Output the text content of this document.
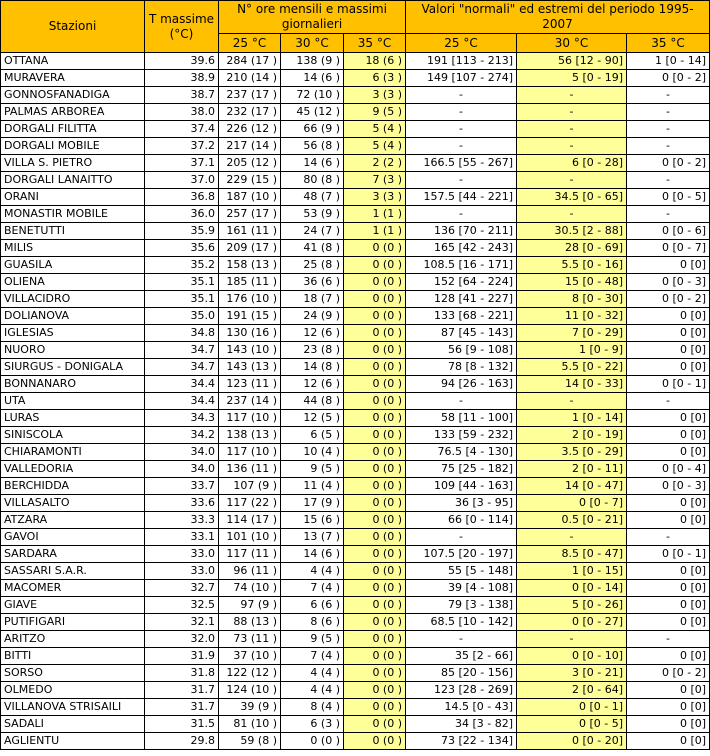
Stazioni	T massime (°C)	N° ore mensili e massimi giornalieri			Valori "normali" ed estremi del periodo 1995-2007		
		25 °C	30 °C	35 °C	25 °C	30 °C	35 °C
OTTANA	39.6	284 (17 )	138 (9 )	18 (6 )	191 [113 - 213]	56 [12 - 90]	1 [0 - 14]
MURAVERA	38.9	210 (14 )	14 (6 )	6 (3 )	149 [107 - 274]	5 [0 - 19]	0 [0 - 2]
GONNOSFANADIGA	38.7	237 (17 )	72 (10 )	3 (3 )	-	-	-
PALMAS ARBOREA	38.0	232 (17 )	45 (12 )	9 (5 )	-	-	-
DORGALI FILITTA	37.4	226 (12 )	66 (9 )	5 (4 )	-	-	-
DORGALI MOBILE	37.2	217 (14 )	56 (8 )	5 (4 )	-	-	-
VILLA S. PIETRO	37.1	205 (12 )	14 (6 )	2 (2 )	166.5 [55 - 267]	6 [0 - 28]	0 [0 - 2]
DORGALI LANAITTO	37.0	229 (15 )	80 (8 )	7 (3 )	-	-	-
ORANI	36.8	187 (10 )	48 (7 )	3 (3 )	157.5 [44 - 221]	34.5 [0 - 65]	0 [0 - 5]
MONASTIR MOBILE	36.0	257 (17 )	53 (9 )	1 (1 )	-	-	-
BENETUTTI	35.9	161 (11 )	24 (7 )	1 (1 )	136 [70 - 211]	30.5 [2 - 88]	0 [0 - 6]
MILIS	35.6	209 (17 )	41 (8 )	0 (0 )	165 [42 - 243]	28 [0 - 69]	0 [0 - 7]
GUASILA	35.2	158 (13 )	25 (8 )	0 (0 )	108.5 [16 - 171]	5.5 [0 - 16]	0 [0]
OLIENA	35.1	185 (11 )	36 (6 )	0 (0 )	152 [64 - 224]	15 [0 - 48]	0 [0 - 3]
VILLACIDRO	35.1	176 (10 )	18 (7 )	0 (0 )	128 [41 - 227]	8 [0 - 30]	0 [0 - 2]
DOLIANOVA	35.0	191 (15 )	24 (9 )	0 (0 )	133 [68 - 221]	11 [0 - 32]	0 [0]
IGLESIAS	34.8	130 (16 )	12 (6 )	0 (0 )	87 [45 - 143]	7 [0 - 29]	0 [0]
NUORO	34.7	143 (10 )	23 (8 )	0 (0 )	56 [9 - 108]	1 [0 - 9]	0 [0]
SIURGUS - DONIGALA	34.7	143 (13 )	14 (8 )	0 (0 )	78 [8 - 132]	5.5 [0 - 22]	0 [0]
BONNANARO	34.4	123 (11 )	12 (6 )	0 (0 )	94 [26 - 163]	14 [0 - 33]	0 [0 - 1]
UTA	34.4	237 (14 )	44 (8 )	0 (0 )	-	-	-
LURAS	34.3	117 (10 )	12 (5 )	0 (0 )	58 [11 - 100]	1 [0 - 14]	0 [0]
SINISCOLA	34.2	138 (13 )	6 (5 )	0 (0 )	133 [59 - 232]	2 [0 - 19]	0 [0]
CHIARAMONTI	34.0	117 (10 )	10 (4 )	0 (0 )	76.5 [4 - 130]	3.5 [0 - 29]	0 [0]
VALLEDORIA	34.0	136 (11 )	9 (5 )	0 (0 )	75 [25 - 182]	2 [0 - 11]	0 [0 - 4]
BERCHIDDA	33.7	107 (9 )	11 (4 )	0 (0 )	109 [44 - 163]	14 [0 - 47]	0 [0 - 3]
VILLASALTO	33.6	117 (22 )	17 (9 )	0 (0 )	36 [3 - 95]	0 [0 - 7]	0 [0]
ATZARA	33.3	114 (17 )	15 (6 )	0 (0 )	66 [0 - 114]	0.5 [0 - 21]	0 [0]
GAVOI	33.1	101 (10 )	13 (7 )	0 (0 )	-	-	-
SARDARA	33.0	117 (11 )	14 (6 )	0 (0 )	107.5 [20 - 197]	8.5 [0 - 47]	0 [0 - 1]
SASSARI S.A.R.	33.0	96 (11 )	4 (4 )	0 (0 )	55 [5 - 148]	1 [0 - 15]	0 [0]
MACOMER	32.7	74 (10 )	7 (4 )	0 (0 )	39 [4 - 108]	0 [0 - 14]	0 [0]
GIAVE	32.5	97 (9 )	6 (6 )	0 (0 )	79 [3 - 138]	5 [0 - 26]	0 [0]
PUTIFIGARI	32.1	88 (13 )	8 (6 )	0 (0 )	68.5 [10 - 142]	0 [0 - 27]	0 [0]
ARITZO	32.0	73 (11 )	9 (5 )	0 (0 )	-	-	-
BITTI	31.9	37 (10 )	7 (4 )	0 (0 )	35 [2 - 66]	0 [0 - 10]	0 [0]
SORSO	31.8	122 (12 )	4 (4 )	0 (0 )	85 [20 - 156]	3 [0 - 21]	0 [0 - 2]
OLMEDO	31.7	124 (10 )	4 (4 )	0 (0 )	123 [28 - 269]	2 [0 - 64]	0 [0]
VILLANOVA STRISAILI	31.7	39 (9 )	8 (4 )	0 (0 )	14.5 [0 - 43]	0 [0 - 1]	0 [0]
SADALI	31.5	81 (10 )	6 (3 )	0 (0 )	34 [3 - 82]	0 [0 - 5]	0 [0]
AGLIENTU	29.8	59 (8 )	0 (0 )	0 (0 )	73 [22 - 134]	0 [0 - 20]	0 [0]
